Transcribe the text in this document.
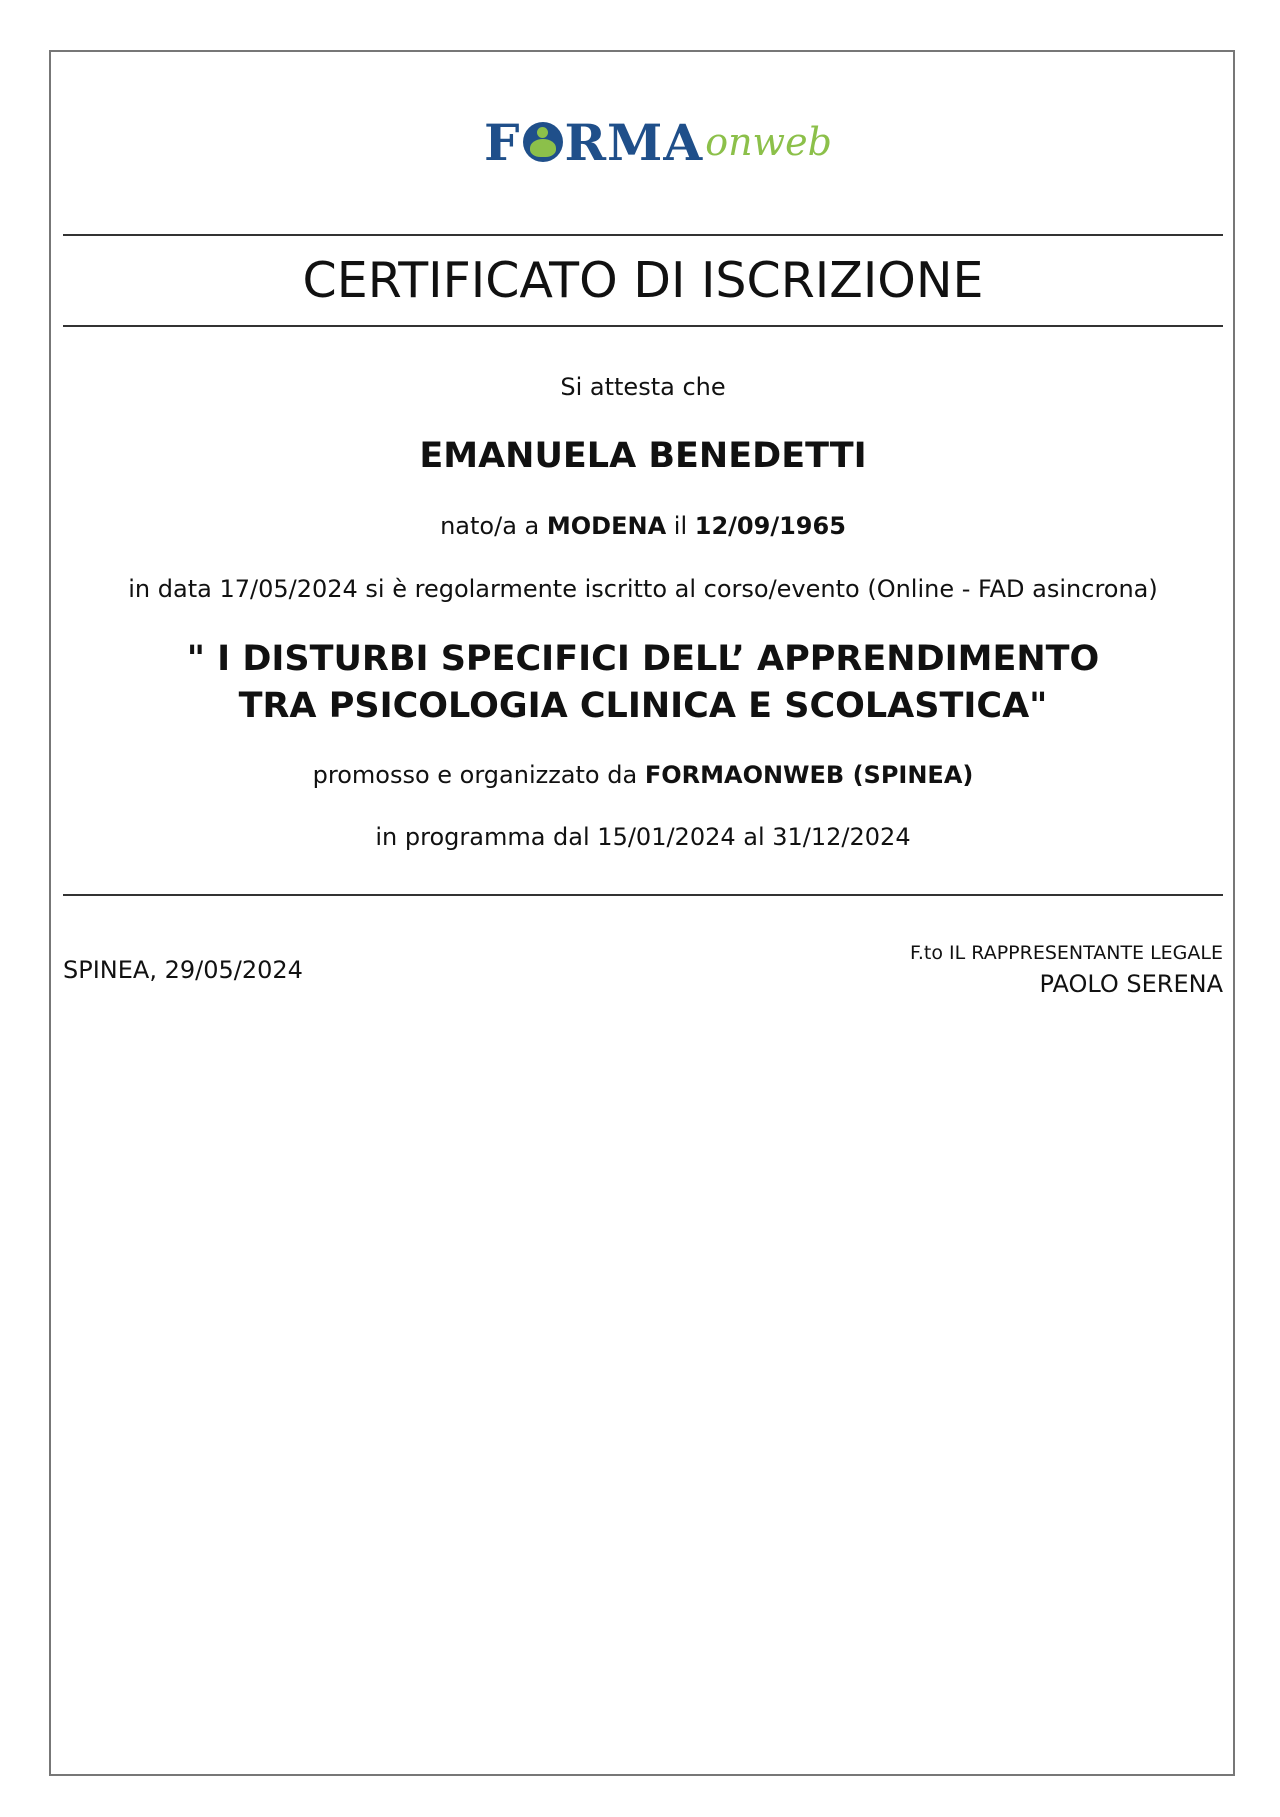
F RMA onweb
CERTIFICATO DI ISCRIZIONE
Si attesta che
EMANUELA BENEDETTI
nato/a a MODENA il 12/09/1965
in data 17/05/2024 si è regolarmente iscritto al corso/evento (Online - FAD asincrona)
" I DISTURBI SPECIFICI DELL’ APPRENDIMENTO
TRA PSICOLOGIA CLINICA E SCOLASTICA"
promosso e organizzato da FORMAONWEB (SPINEA)
in programma dal 15/01/2024 al 31/12/2024
SPINEA, 29/05/2024
F.to IL RAPPRESENTANTE LEGALE
PAOLO SERENA
